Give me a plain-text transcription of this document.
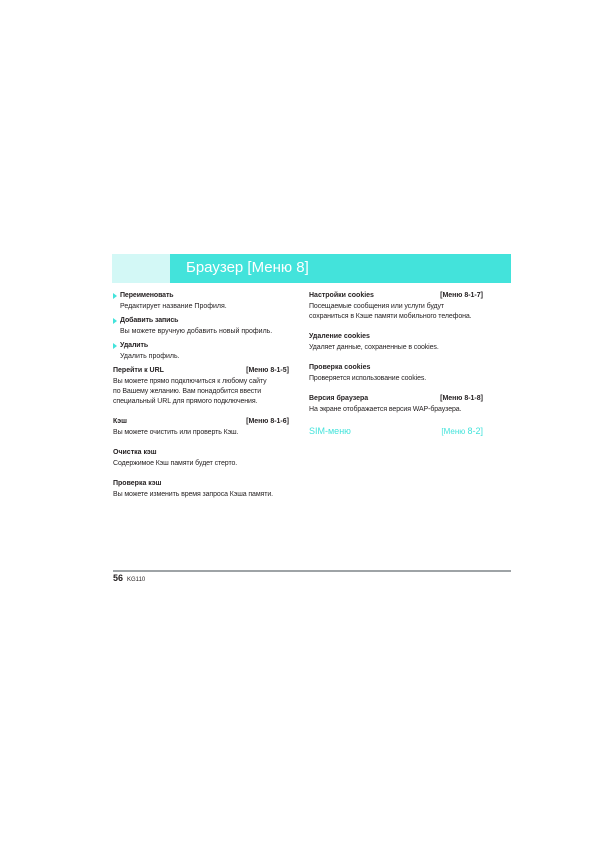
Браузер [Меню 8]
Переименовать
Редактирует название Профиля.
Добавить запись
Вы можете вручную добавить новый профиль.
Удалить
Удалить профиль.
Перейти к URL	[Меню 8-1-5]
Вы можете прямо подключиться к любому сайту
по Вашему желанию. Вам понадобится ввести
специальный URL для прямого подключения.
Кэш	[Меню 8-1-6]
Вы можете очистить или проверть Кэш.
Очистка кэш
Содержимое Кэш памяти будет стерто.
Проверка кэш
Вы можете изменить время запроса Кэша памяти.
Настройки cookies	[Меню 8-1-7]
Посещаемые сообщения или услуги будут
сохраниться в Кэше памяти мобильного телефона.
Удаление cookies
Удаляет данные, сохраненные в cookies.
Проверка cookies
Проверяется использование cookies.
Версия браузера	[Меню 8-1-8]
На экране отображается версия WAP-браузера.
SIM-меню	[Меню 8-2]
56 KG110
